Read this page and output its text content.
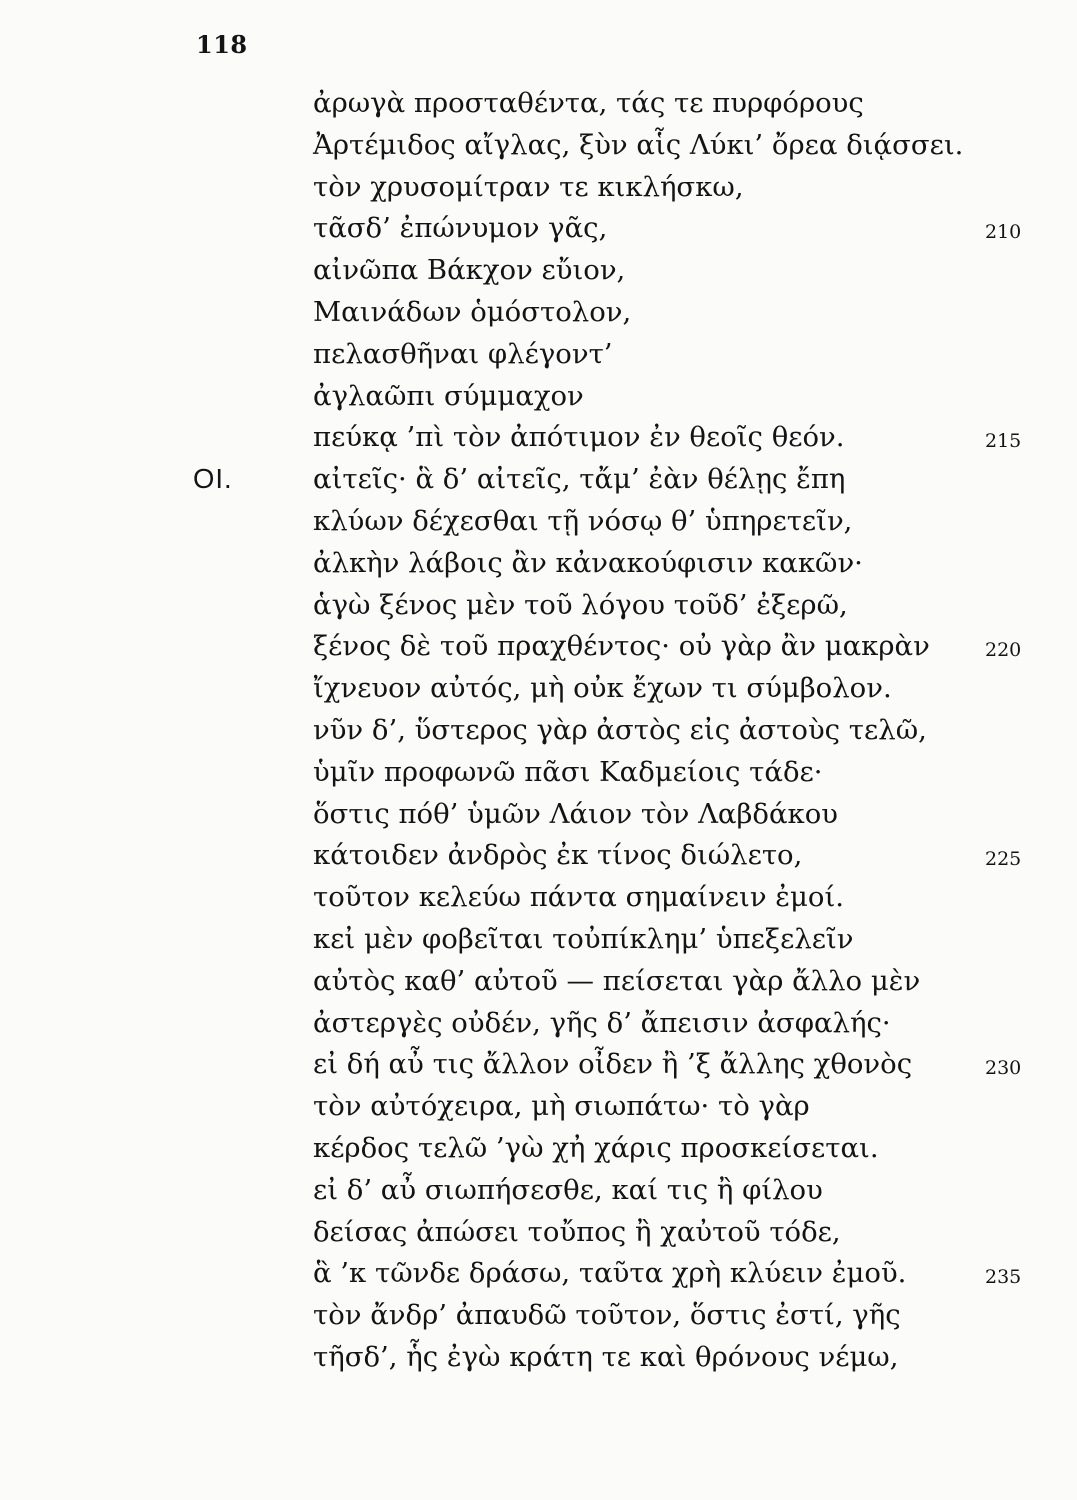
118
ἀρωγὰ προσταθέντα, τάς τε πυρφόρους
Ἀρτέμιδος αἴγλας, ξὺν αἷς Λύκι’ ὄρεα διᾴσσει.
τὸν χρυσομίτραν τε κικλήσκω,
τᾶσδ’ ἐπώνυμον γᾶς,	210
αἰνῶπα Βάκχον εὔιον,
Μαινάδων ὁμόστολον,
πελασθῆναι φλέγοντ’
ἀγλαῶπι σύμμαχον
πεύκᾳ ’πὶ τὸν ἀπότιμον ἐν θεοῖς θεόν.	215
ΟΙ.	αἰτεῖς· ἃ δ’ αἰτεῖς, τἄμ’ ἐὰν θέλῃς ἔπη
κλύων δέχεσθαι τῇ νόσῳ θ’ ὑπηρετεῖν,
ἀλκὴν λάβοις ἂν κἀνακούφισιν κακῶν·
ἁγὼ ξένος μὲν τοῦ λόγου τοῦδ’ ἐξερῶ,
ξένος δὲ τοῦ πραχθέντος· οὐ γὰρ ἂν μακρὰν	220
ἴχνευον αὐτός, μὴ οὐκ ἔχων τι σύμβολον.
νῦν δ’, ὕστερος γὰρ ἀστὸς εἰς ἀστοὺς τελῶ,
ὑμῖν προφωνῶ πᾶσι Καδμείοις τάδε·
ὅστις πόθ’ ὑμῶν Λάιον τὸν Λαβδάκου
κάτοιδεν ἀνδρὸς ἐκ τίνος διώλετο,	225
τοῦτον κελεύω πάντα σημαίνειν ἐμοί.
κεἰ μὲν φοβεῖται τοὐπίκλημ’ ὑπεξελεῖν
αὐτὸς καθ’ αὐτοῦ — πείσεται γὰρ ἄλλο μὲν
ἀστεργὲς οὐδέν, γῆς δ’ ἄπεισιν ἀσφαλής·
εἰ δή αὖ τις ἄλλον οἶδεν ἢ ’ξ ἄλλης χθονὸς	230
τὸν αὐτόχειρα, μὴ σιωπάτω· τὸ γὰρ
κέρδος τελῶ ’γὼ χἠ χάρις προσκείσεται.
εἰ δ’ αὖ σιωπήσεσθε, καί τις ἢ φίλου
δείσας ἀπώσει τοὔπος ἢ χαὐτοῦ τόδε,
ἃ ’κ τῶνδε δράσω, ταῦτα χρὴ κλύειν ἐμοῦ.	235
τὸν ἄνδρ’ ἀπαυδῶ τοῦτον, ὅστις ἐστί, γῆς
τῆσδ’, ἧς ἐγὼ κράτη τε καὶ θρόνους νέμω,
